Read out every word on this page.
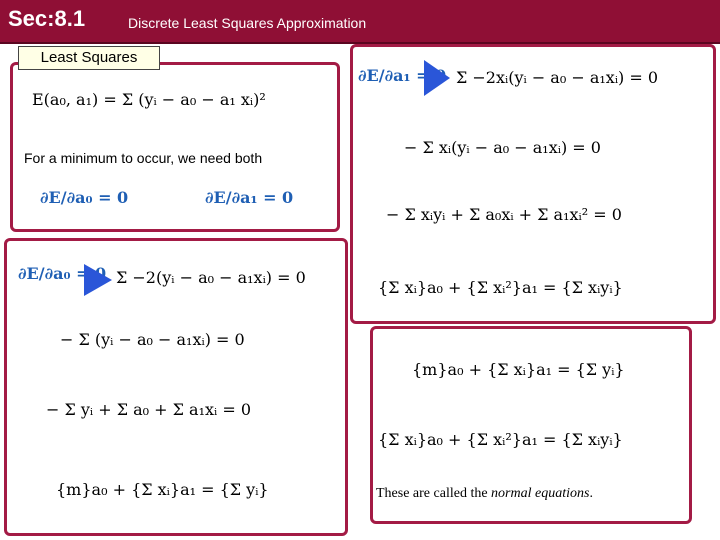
Sec:8.1	Discrete Least Squares Approximation
Least Squares
E(a₀, a₁) = Σ (yᵢ − a₀ − a₁ xᵢ)²
For a minimum to occur, we need both
∂E/∂a₀ = 0	∂E/∂a₁ = 0
∂E/∂a₀ = 0 Σ −2(yᵢ − a₀ − a₁xᵢ) = 0
− Σ (yᵢ − a₀ − a₁xᵢ) = 0
− Σ yᵢ + Σ a₀ + Σ a₁xᵢ = 0
{m}a₀ + {Σ xᵢ}a₁ = {Σ yᵢ}
∂E/∂a₁ = 0 Σ −2xᵢ(yᵢ − a₀ − a₁xᵢ) = 0
− Σ xᵢ(yᵢ − a₀ − a₁xᵢ) = 0
− Σ xᵢyᵢ + Σ a₀xᵢ + Σ a₁xᵢ² = 0
{Σ xᵢ}a₀ + {Σ xᵢ²}a₁ = {Σ xᵢyᵢ}
{m}a₀ + {Σ xᵢ}a₁ = {Σ yᵢ}
{Σ xᵢ}a₀ + {Σ xᵢ²}a₁ = {Σ xᵢyᵢ}
These are called the normal equations.
